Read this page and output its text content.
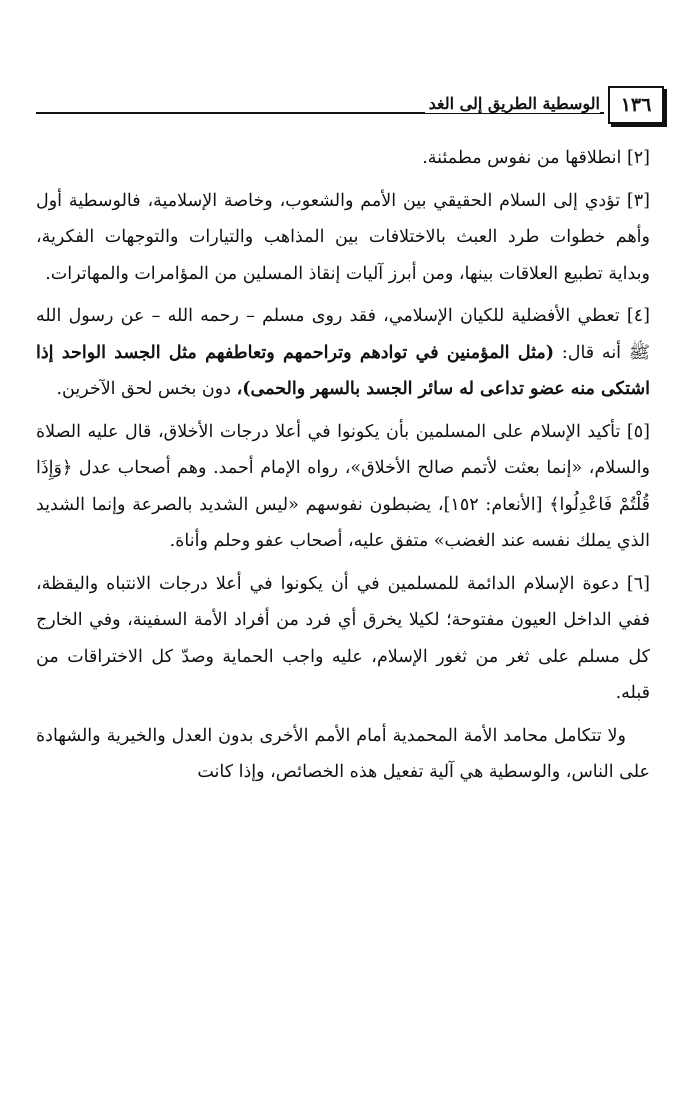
١٣٦
الوسطية الطريق إلى الغد

[٢] انطلاقها من نفوس مطمئنة.

[٣] تؤدي إلى السلام الحقيقي بين الأمم والشعوب، وخاصة الإسلامية، فالوسطية أول وأهم خطوات طرد العبث بالاختلافات بين المذاهب والتيارات والتوجهات الفكرية، وبداية تطبيع العلاقات بينها، ومن أبرز آليات إنقاذ المسلين من المؤامرات والمهاترات.

[٤] تعطي الأفضلية للكيان الإسلامي، فقد روى مسلم – رحمه الله – عن رسول الله ﷺ أنه قال: (مثل المؤمنين في توادهم وتراحمهم وتعاطفهم مثل الجسد الواحد إذا اشتكى منه عضو تداعى له سائر الجسد بالسهر والحمى)، دون بخس لحق الآخرين.

[٥] تأكيد الإسلام على المسلمين بأن يكونوا في أعلا درجات الأخلاق، قال عليه الصلاة والسلام، «إنما بعثت لأتمم صالح الأخلاق»، رواه الإمام أحمد. وهم أصحاب عدل ﴿وَإِذَا قُلْتُمْ فَاعْدِلُوا﴾ [الأنعام: ١٥٢]، يضبطون نفوسهم «ليس الشديد بالصرعة وإنما الشديد الذي يملك نفسه عند الغضب» متفق عليه، أصحاب عفو وحلم وأناة.

[٦] دعوة الإسلام الدائمة للمسلمين في أن يكونوا في أعلا درجات الانتباه واليقظة، ففي الداخل العيون مفتوحة؛ لكيلا يخرق أي فرد من أفراد الأمة السفينة، وفي الخارج كل مسلم على ثغر من ثغور الإسلام، عليه واجب الحماية وصدّ كل الاختراقات من قبله.

ولا تتكامل محامد الأمة المحمدية أمام الأمم الأخرى بدون العدل والخيرية والشهادة على الناس، والوسطية هي آلية تفعيل هذه الخصائص، وإذا كانت
